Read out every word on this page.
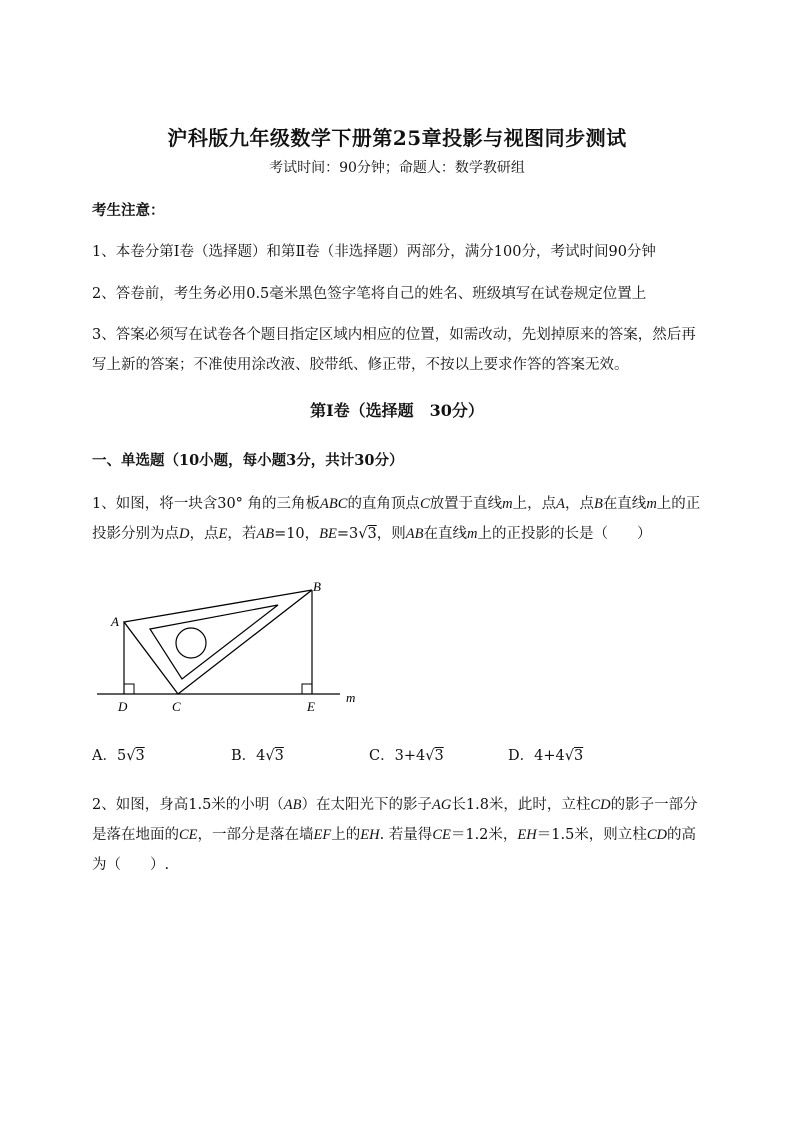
沪科版九年级数学下册第25章投影与视图同步测试
考试时间：90分钟；命题人：数学教研组
考生注意：
1、本卷分第I卷（选择题）和第Ⅱ卷（非选择题）两部分，满分100分，考试时间90分钟
2、答卷前，考生务必用0.5毫米黑色签字笔将自己的姓名、班级填写在试卷规定位置上
3、答案必须写在试卷各个题目指定区域内相应的位置，如需改动，先划掉原来的答案，然后再写上新的答案；不准使用涂改液、胶带纸、修正带，不按以上要求作答的答案无效。
第I卷（选择题　30分）
一、单选题（10小题，每小题3分，共计30分）
1、如图，将一块含30° 角的三角板ABC的直角顶点C放置于直线m上，点A，点B在直线m上的正投影分别为点D，点E，若AB=10，BE=3√3，则AB在直线m上的正投影的长是（　　）
A
B
C
D	E
m
A．5√3	B．4√3	C．3+4√3	D．4+4√3
2、如图，身高1.5米的小明（AB）在太阳光下的影子AG长1.8米，此时，立柱CD的影子一部分是落在地面的CE，一部分是落在墙EF上的EH. 若量得CE＝1.2米，EH＝1.5米，则立柱CD的高为（　　）.
